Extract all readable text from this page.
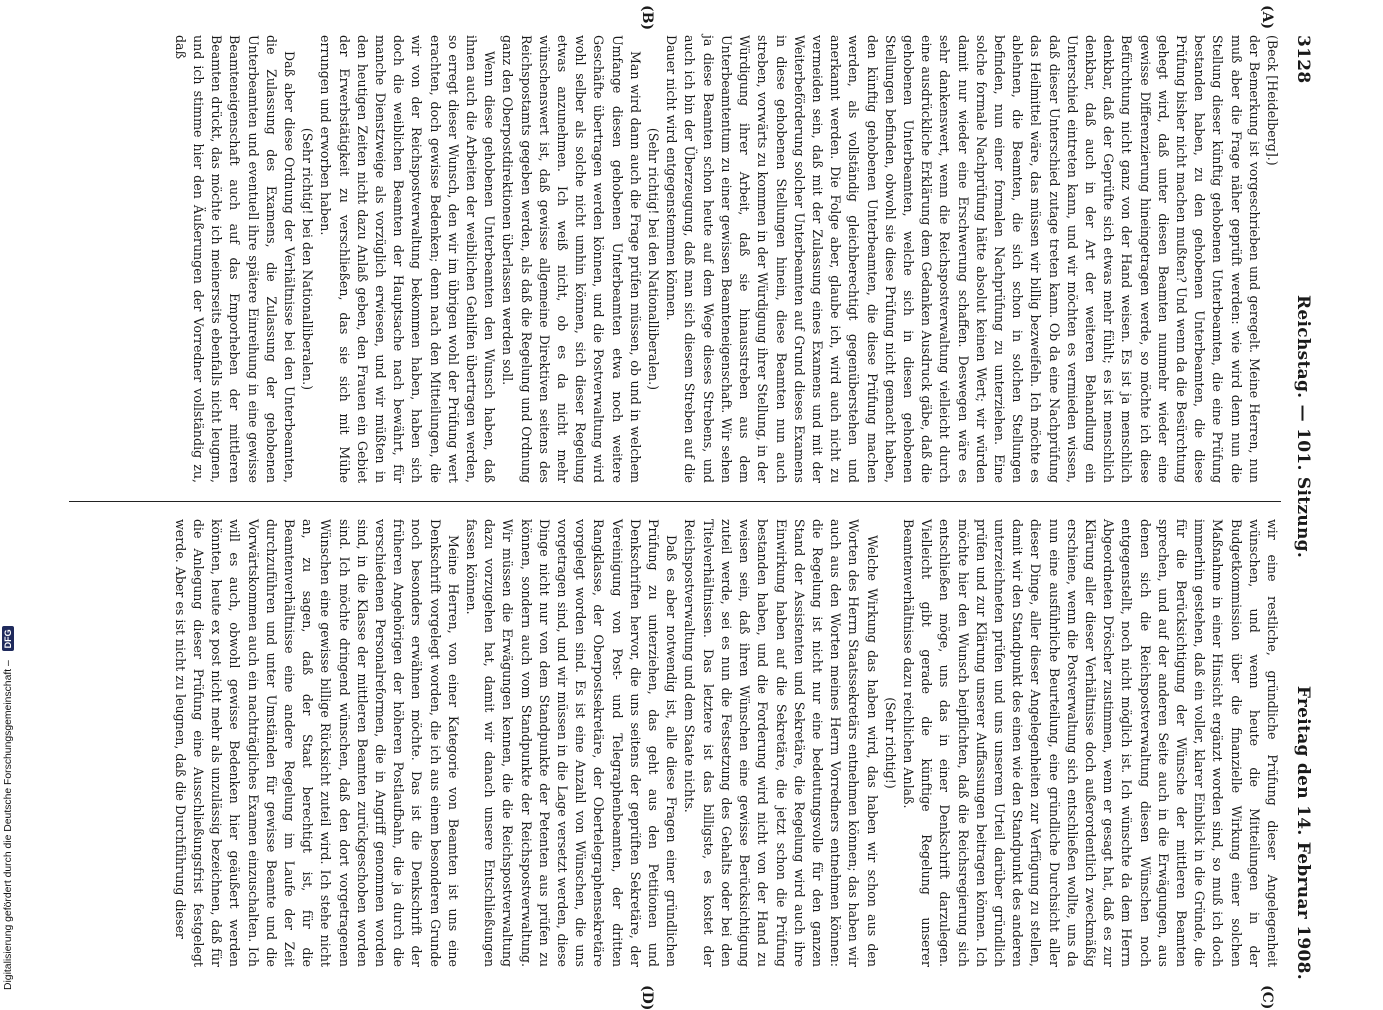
3128
Reichstag. — 101. Sitzung.
Freitag den 14. Februar 1908.
(A)
(B)
(C)
(D)

(Beck [Heidelberg].)

der Bemerkung ist vorgeschrieben und geregelt. Meine Herren, nun muß aber die Frage näher geprüft werden: wie wird denn nun die Stellung dieser künftig gehobenen Unterbeamten, die eine Prüfung bestanden haben, zu den gehobenen Unterbeamten, die diese Prüfung bisher nicht machen mußten? Und wenn da die Besürchtung gehegt wird, daß unter diesen Beamten nunmehr wieder eine gewisse Differenzierung hineingetragen werde, so möchte ich diese Befürchtung nicht ganz von der Hand weisen. Es ist ja menschlich denkbar, daß der Geprüfte sich etwas mehr fühlt; es ist menschlich denkbar, daß auch in der Art der weiteren Behandlung ein Unterschied eintreten kann, und wir möchten es vermieden wissen, daß dieser Unterschied zutage treten kann. Ob da eine Nachprüfung das Heilmittel wäre, das müssen wir billig bezweifeln. Ich möchte es ablehnen, die Beamten, die sich schon in solchen Stellungen befinden, nun einer formalen Nachprüfung zu unterziehen. Eine solche formale Nachprüfung hätte absolut keinen Wert; wir würden damit nur wieder eine Erschwerung schaffen. Deswegen wäre es sehr dankenswert, wenn die Reichspostverwaltung vielleicht durch eine ausdrückliche Erklärung dem Gedanken Ausdruck gäbe, daß die gehobenen Unterbeamten, welche sich in diesen gehobenen Stellungen befinden, obwohl sie diese Prüfung nicht gemacht haben, den künftig gehobenen Unterbeamten, die diese Prüfung machen werden, als vollständig gleichberechtigt gegenüberstehen und anerkannt werden. Die Folge aber, glaube ich, wird auch nicht zu vermeiden sein, daß mit der Zulassung eines Examens und mit der Weiterbeförderung solcher Unterbeamten auf Grund dieses Examens in diese gehobenen Stellungen hinein, diese Beamten nun auch streben, vorwärts zu kommen in der Würdigung ihrer Stellung, in der Würdigung ihrer Arbeit, daß sie hinausstreben aus dem Unterbeamtentum zu einer gewissen Beamteneigenschaft. Wir sehen ja diese Beamten schon heute auf dem Wege dieses Strebens, und auch ich bin der Überzeugung, daß man sich diesem Streben auf die Dauer nicht wird entgegenstemmen können.

(Sehr richtig! bei den Nationalliberalen.)

Man wird dann auch die Frage prüfen müssen, ob und in welchem Umfange diesen gehobenen Unterbeamten etwa noch weitere Geschäfte übertragen werden können, und die Postverwaltung wird wohl selber als solche nicht umhin können, sich dieser Regelung etwas anzunehmen. Ich weiß nicht, ob es da nicht mehr wünschenswert ist, daß gewisse allgemeine Direktiven seitens des Reichspostamts gegeben werden, als daß die Regelung und Ordnung ganz den Oberpostdirektionen überlassen werden soll.

Wenn diese gehobenen Unterbeamten den Wunsch haben, daß ihnen auch die Arbeiten der weiblichen Gehilfen übertragen werden, so erregt dieser Wunsch, den wir im übrigen wohl der Prüfung wert erachten, doch gewisse Bedenken; denn nach den Mitteilungen, die wir von der Reichspostverwaltung bekommen haben, haben sich doch die weiblichen Beamten der Hauptsache nach bewährt, für manche Dienstzweige als vorzüglich erwiesen, und wir müßten in den heutigen Zeiten nicht dazu Anlaß geben, den Frauen ein Gebiet der Erwerbstätigkeit zu verschließen, das sie sich mit Mühe errungen und erworben haben.

(Sehr richtig! bei den Nationalliberalen.)

Daß aber diese Ordnung der Verhältnisse bei den Unterbeamten, die Zulassung des Examens, die Zulassung der gehobenen Unterbeamten und eventuell ihre spätere Einreihung in eine gewisse Beamteneigenschaft auch auf das Emporheben der mittleren Beamten drückt, das möchte ich meinerseits ebenfalls nicht leugnen, und ich stimme hier den Äußerungen der Vorredner vollständig zu, daß

wir eine restliche, gründliche Prüfung dieser Angelegenheit wünschen, und wenn heute die Mitteilungen in der Budgetkommission über die finanzielle Wirkung einer solchen Maßnahme in einer Hinsicht ergänzt worden sind, so muß ich doch immerhin gestehen, daß ein voller, klarer Einblick in die Gründe, die für die Berücksichtigung der Wünsche der mittleren Beamten sprechen, und auf der anderen Seite auch in die Erwägungen, aus denen sich die Reichspostverwaltung diesen Wünschen noch entgegenstellt, noch nicht möglich ist. Ich wünschte da dem Herrn Abgeordneten Dröscher zustimmen, wenn er gesagt hat, daß es zur Klärung aller dieser Verhältnisse doch außerordentlich zweckmäßig erschiene, wenn die Postverwaltung sich entschließen wollte, uns da nun eine ausführliche Beurteilung, eine gründliche Durchsicht aller dieser Dinge, aller dieser Angelegenheiten zur Verfügung zu stellen, damit wir den Standpunkt des einen wie den Standpunkt des anderen unterzeichneten prüfen und uns unserem Urteil darüber gründlich prüfen und zur Klärung unserer Auffassungen beitragen können. Ich möchte hier den Wunsch beipflichten, daß die Reichsregierung sich entschließen möge, uns das in einer Denkschrift darzulegen. Vielleicht gibt gerade die künftige Regelung unserer Beamtenverhältnisse dazu reichlichen Anlaß.

(Sehr richtig!)

Welche Wirkung das haben wird, das haben wir schon aus den Worten des Herrn Staatssekretärs entnehmen können; das haben wir auch aus den Worten meines Herrn Vorredners entnehmen können: die Regelung ist nicht nur eine bedeutungsvolle für den ganzen Stand der Assistenten und Sekretäre, die Regelung wird auch ihre Einwirkung haben auf die Sekretäre, die jetzt schon die Prüfung bestanden haben, und die Forderung wird nicht von der Hand zu weisen sein, daß ihren Wünschen eine gewisse Berücksichtigung zuteil werde, sei es nun die Festsetzung des Gehalts oder bei den Titelverhältnissen. Das letztere ist das billigste, es kostet der Reichspostverwaltung und dem Staate nichts.

Daß es aber notwendig ist, alle diese Fragen einer gründlichen Prüfung zu unterziehen, das geht aus den Petitionen und Denkschriften hervor, die uns seitens der geprüften Sekretäre, der Vereinigung von Post- und Telegraphenbeamten, der dritten Rangklasse, der Oberpostsekretäre, der Obertelegraphensekretäre vorgelegt worden sind. Es ist eine Anzahl von Wünschen, die uns vorgetragen sind, und wir müssen in die Lage versetzt werden, diese Dinge nicht nur von dem Standpunkte der Petenten aus prüfen zu können, sondern auch vom Standpunkte der Reichspostverwaltung. Wir müssen die Erwägungen kennen, die die Reichspostverwaltung dazu vorzugehen hat, damit wir danach unsere Entschließungen fassen können.

Meine Herren, von einer Kategorie von Beamten ist uns eine Denkschrift vorgelegt worden, die ich aus einem besonderen Grunde noch besonders erwähnen möchte. Das ist die Denkschrift der früheren Angehörigen der höheren Postlaufbahn, die ja durch die verschiedenen Personalreformen, die in Angriff genommen worden sind, in die Klasse der mittleren Beamten zurückgeschoben worden sind. Ich möchte dringend wünschen, daß den dort vorgetragenen Wünschen eine gewisse billige Rücksicht zuteil wird. Ich stehe nicht an, zu sagen, daß der Staat berechtigt ist, für die Beamtenverhältnisse eine andere Regelung im Laufe der Zeit durchzuführen und unter Umständen für gewisse Beamte und die Vorwärtskommen auch ein nachträgliches Examen einzuschalten. Ich will es auch, obwohl gewisse Bedenken hier geäußert werden könnten, heute ex post nicht mehr als unzulässig bezeichnen, daß für die Anlegung dieser Prüfung eine Ausschließungsfrist festgelegt werde. Aber es ist nicht zu leugnen, daß die Durchführung dieser

Digitalisierung gefördert durch die Deutsche Forschungsgemeinschaft – DFG
